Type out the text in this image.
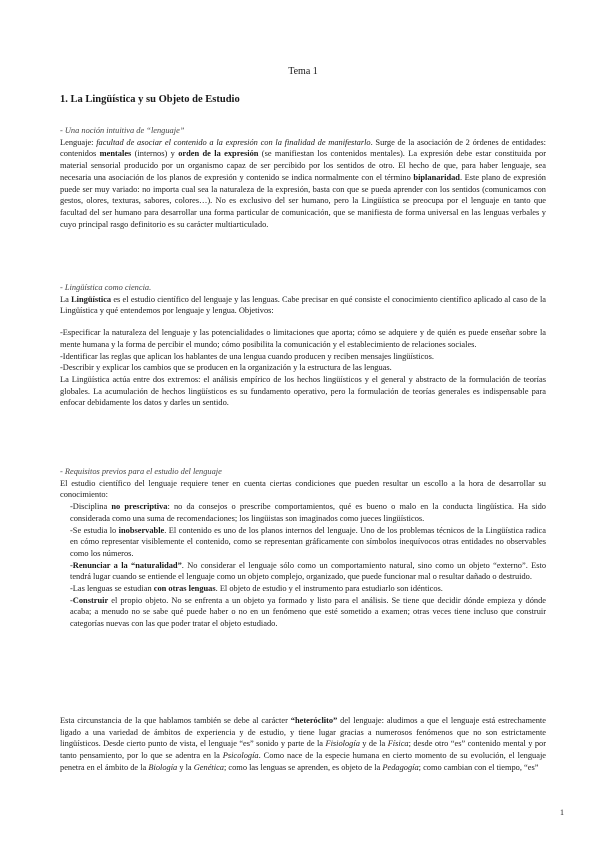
Tema 1
1. La Lingüística y su Objeto de Estudio

- Una noción intuitiva de “lenguaje”

Lenguaje: facultad de asociar el contenido a la expresión con la finalidad de manifestarlo. Surge de la asociación de 2 órdenes de entidades: contenidos mentales (internos) y orden de la expresión (se manifiestan los contenidos mentales). La expresión debe estar constituida por material sensorial producido por un organismo capaz de ser percibido por los sentidos de otro. El hecho de que, para haber lenguaje, sea necesaria una asociación de los planos de expresión y contenido se indica normalmente con el término biplanaridad. Este plano de expresión puede ser muy variado: no importa cual sea la naturaleza de la expresión, basta con que se pueda aprender con los sentidos (comunicamos con gestos, olores, texturas, sabores, colores…). No es exclusivo del ser humano, pero la Lingüística se preocupa por el lenguaje en tanto que facultad del ser humano para desarrollar una forma particular de comunicación, que se manifiesta de forma universal en las lenguas verbales y cuyo principal rasgo definitorio es su carácter multiarticulado.

- Lingüística como ciencia.

La Lingüística es el estudio científico del lenguaje y las lenguas. Cabe precisar en qué consiste el conocimiento científico aplicado al caso de la Lingüística y qué entendemos por lenguaje y lengua. Objetivos:

-Especificar la naturaleza del lenguaje y las potencialidades o limitaciones que aporta; cómo se adquiere y de quién es puede enseñar sobre la mente humana y la forma de percibir el mundo; cómo posibilita la comunicación y el establecimiento de relaciones sociales.

-Identificar las reglas que aplican los hablantes de una lengua cuando producen y reciben mensajes lingüísticos.

-Describir y explicar los cambios que se producen en la organización y la estructura de las lenguas.

La Lingüística actúa entre dos extremos: el análisis empírico de los hechos lingüísticos y el general y abstracto de la formulación de teorías globales. La acumulación de hechos lingüísticos es su fundamento operativo, pero la formulación de teorías generales es indispensable para enfocar debidamente los datos y darles un sentido.

- Requisitos previos para el estudio del lenguaje

El estudio científico del lenguaje requiere tener en cuenta ciertas condiciones que pueden resultar un escollo a la hora de desarrollar su conocimiento:

-Disciplina no prescriptiva: no da consejos o prescribe comportamientos, qué es bueno o malo en la conducta lingüística. Ha sido considerada como una suma de recomendaciones; los lingüistas son imaginados como jueces lingüísticos.

-Se estudia lo inobservable. El contenido es uno de los planos internos del lenguaje. Uno de los problemas técnicos de la Lingüística radica en cómo representar visiblemente el contenido, como se representan gráficamente con símbolos inequívocos otras entidades no observables como los números.

-Renunciar a la “naturalidad”. No considerar el lenguaje sólo como un comportamiento natural, sino como un objeto “externo”. Esto tendrá lugar cuando se entiende el lenguaje como un objeto complejo, organizado, que puede funcionar mal o resultar dañado o destruido.

-Las lenguas se estudian con otras lenguas. El objeto de estudio y el instrumento para estudiarlo son idénticos.

-Construir el propio objeto. No se enfrenta a un objeto ya formado y listo para el análisis. Se tiene que decidir dónde empieza y dónde acaba; a menudo no se sabe qué puede haber o no en un fenómeno que esté sometido a examen; otras veces tiene incluso que construir categorías nuevas con las que poder tratar el objeto estudiado.

Esta circunstancia de la que hablamos también se debe al carácter “heteróclito” del lenguaje: aludimos a que el lenguaje está estrechamente ligado a una variedad de ámbitos de experiencia y de estudio, y tiene lugar gracias a numerosos fenómenos que no son estrictamente lingüísticos. Desde cierto punto de vista, el lenguaje “es” sonido y parte de la Fisiología y de la Física; desde otro “es” contenido mental y por tanto pensamiento, por lo que se adentra en la Psicología. Como nace de la especie humana en cierto momento de su evolución, el lenguaje penetra en el ámbito de la Biología y la Genética; como las lenguas se aprenden, es objeto de la Pedagogía; como cambian con el tiempo, “es”

1
